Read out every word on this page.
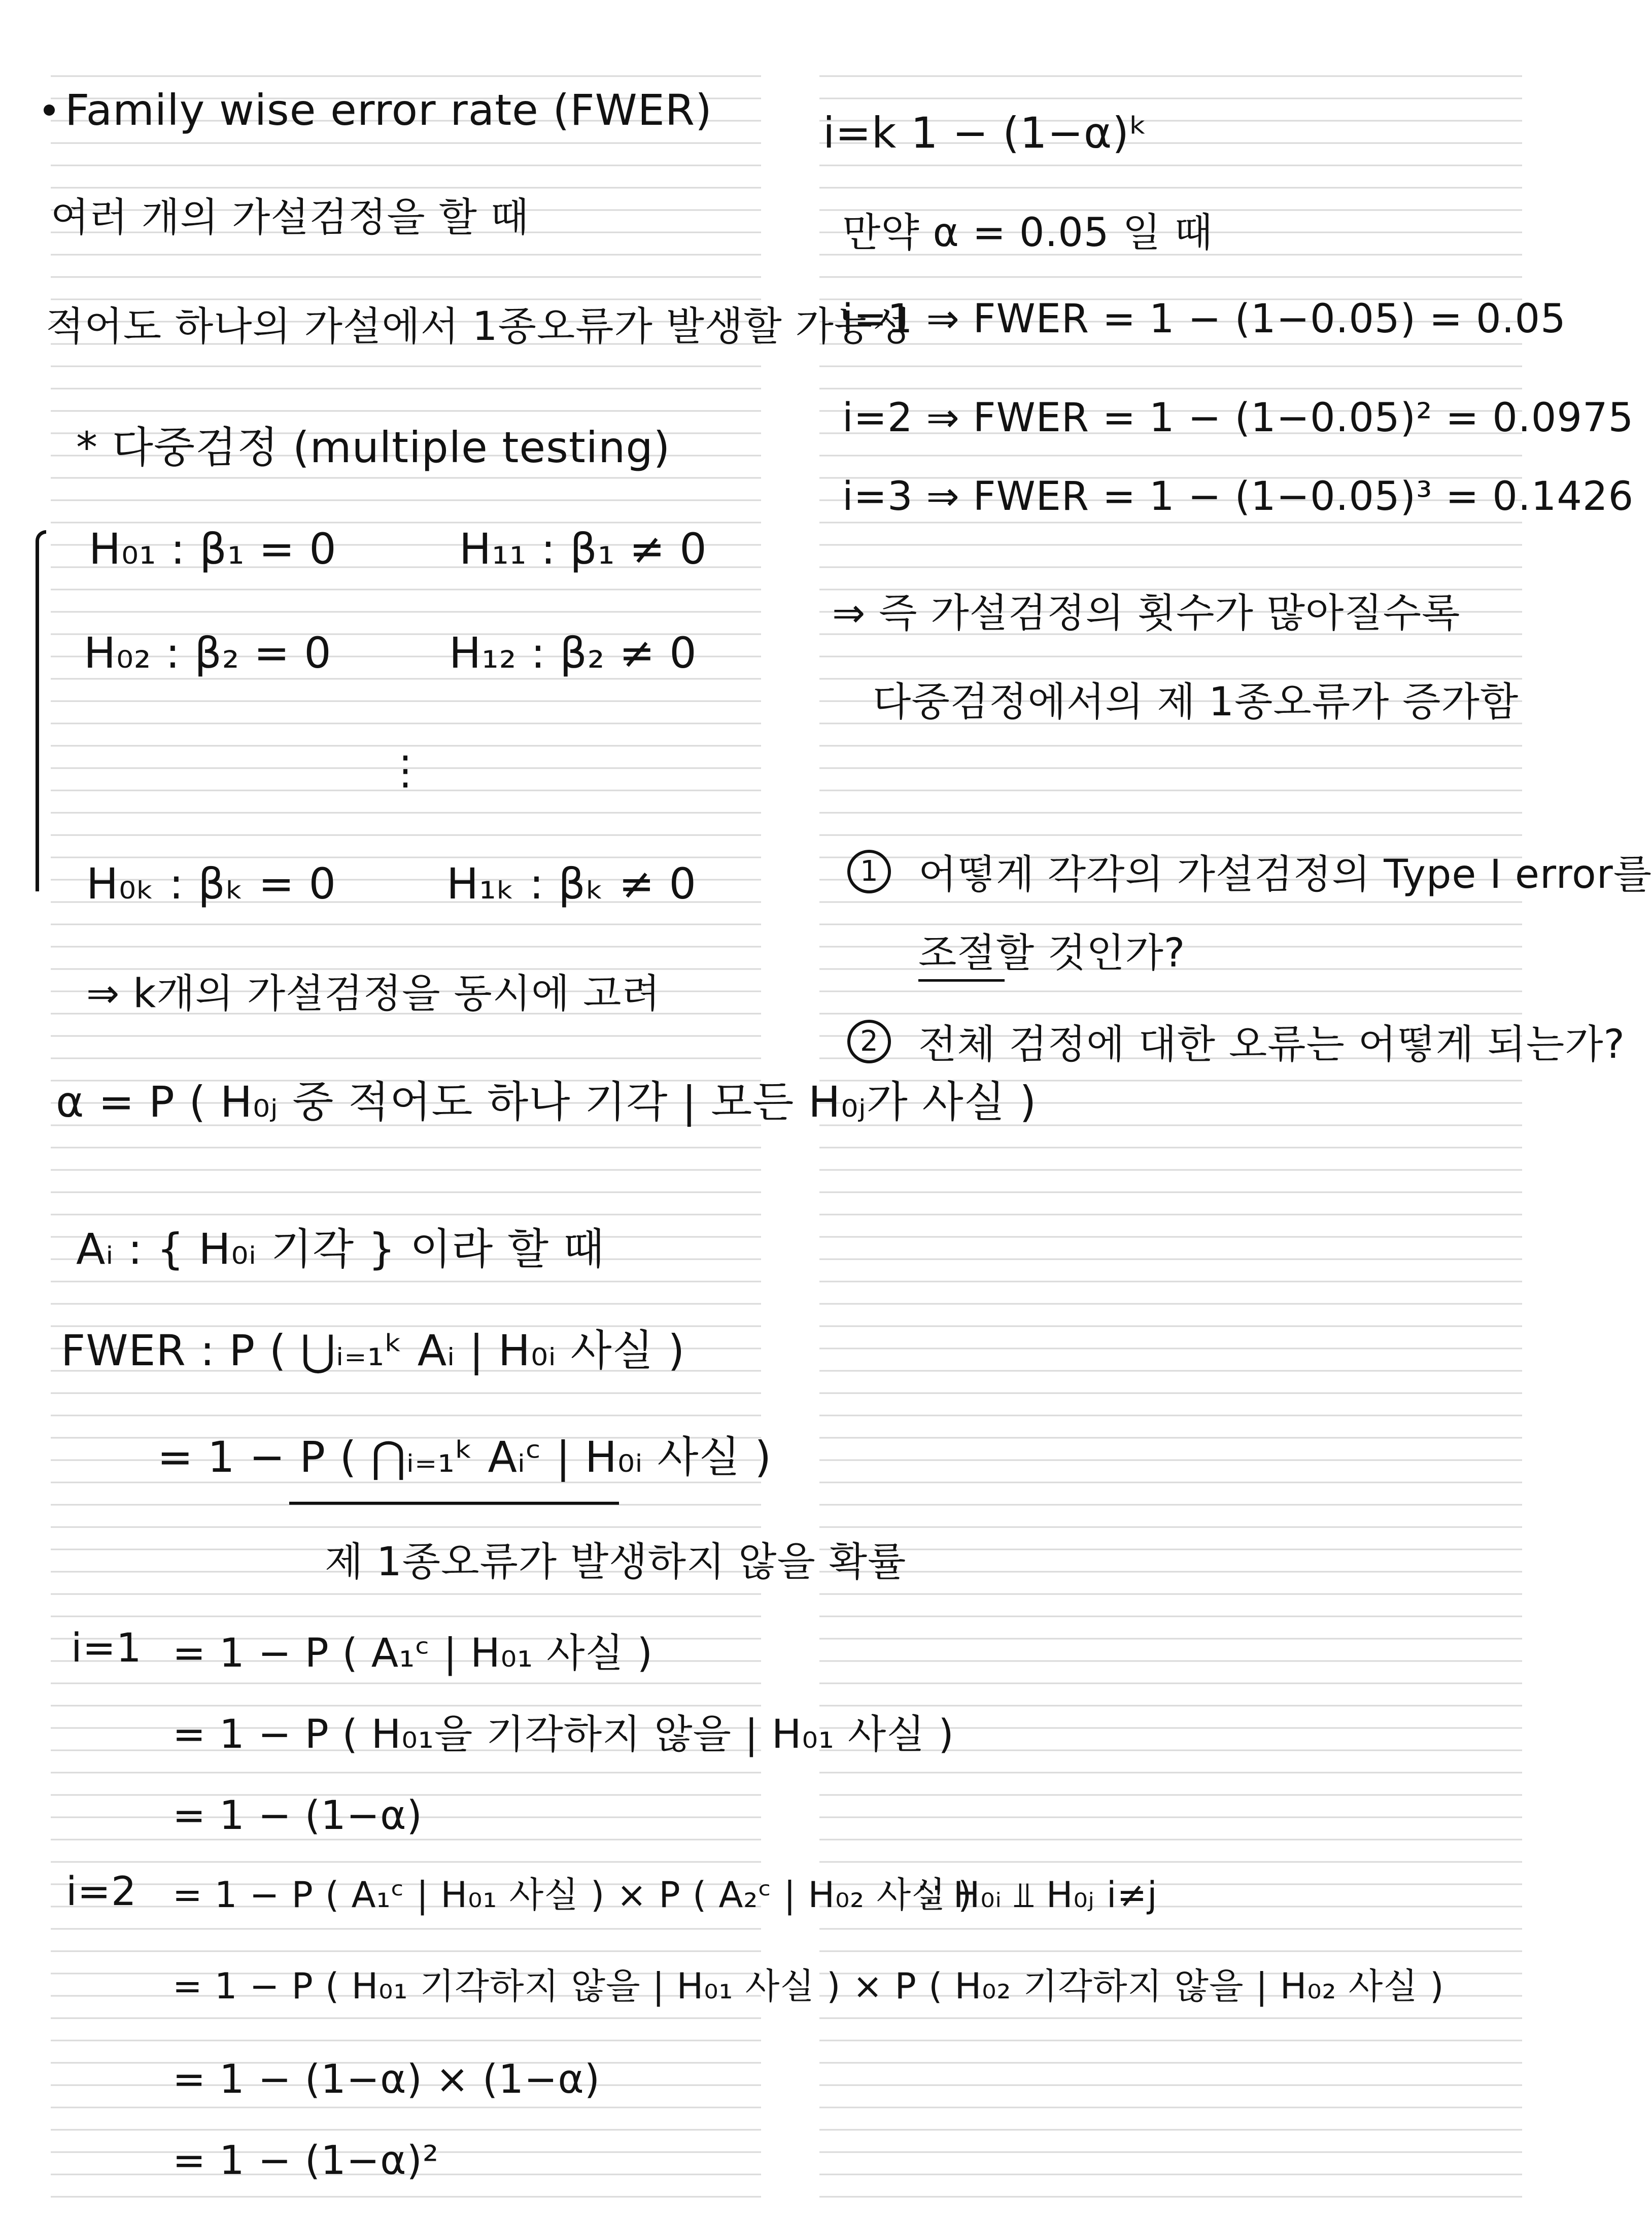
Family wise error rate (FWER)
여러 개의 가설검정을 할 때
적어도 하나의 가설에서 1종오류가 발생할 가능성
* 다중검정 (multiple testing)
H₀₁ : β₁ = 0	H₁₁ : β₁ ≠ 0
H₀₂ : β₂ = 0	H₁₂ : β₂ ≠ 0
⋮
H₀ₖ : βₖ = 0	H₁ₖ : βₖ ≠ 0
⇒ k개의 가설검정을 동시에 고려
α = P ( H₀ⱼ 중 적어도 하나 기각 | 모든 H₀ⱼ가 사실 )
Aᵢ : { H₀ᵢ 기각 } 이라 할 때
FWER : P ( ⋃ᵢ₌₁ᵏ Aᵢ | H₀ᵢ 사실 )
= 1 − P ( ⋂ᵢ₌₁ᵏ Aᵢᶜ | H₀ᵢ 사실 )
제 1종오류가 발생하지 않을 확률
i=1 = 1 − P ( A₁ᶜ | H₀₁ 사실 )
= 1 − P ( H₀₁을 기각하지 않을 | H₀₁ 사실 )
= 1 − (1−α)
i=2 = 1 − P ( A₁ᶜ | H₀₁ 사실 ) × P ( A₂ᶜ | H₀₂ 사실 )
∵ H₀ᵢ ⫫ H₀ⱼ i≠j
= 1 − P ( H₀₁ 기각하지 않을 | H₀₁ 사실 ) × P ( H₀₂ 기각하지 않을 | H₀₂ 사실 )
= 1 − (1−α) × (1−α)
= 1 − (1−α)²
i=k 1 − (1−α)ᵏ
만약 α = 0.05 일 때
i=1 ⇒ FWER = 1 − (1−0.05) = 0.05
i=2 ⇒ FWER = 1 − (1−0.05)² = 0.0975
i=3 ⇒ FWER = 1 − (1−0.05)³ = 0.1426
⇒ 즉 가설검정의 횟수가 많아질수록
다중검정에서의 제 1종오류가 증가함
1	어떻게 각각의 가설검정의 Type I error를
조절할 것인가?
2	전체 검정에 대한 오류는 어떻게 되는가?
